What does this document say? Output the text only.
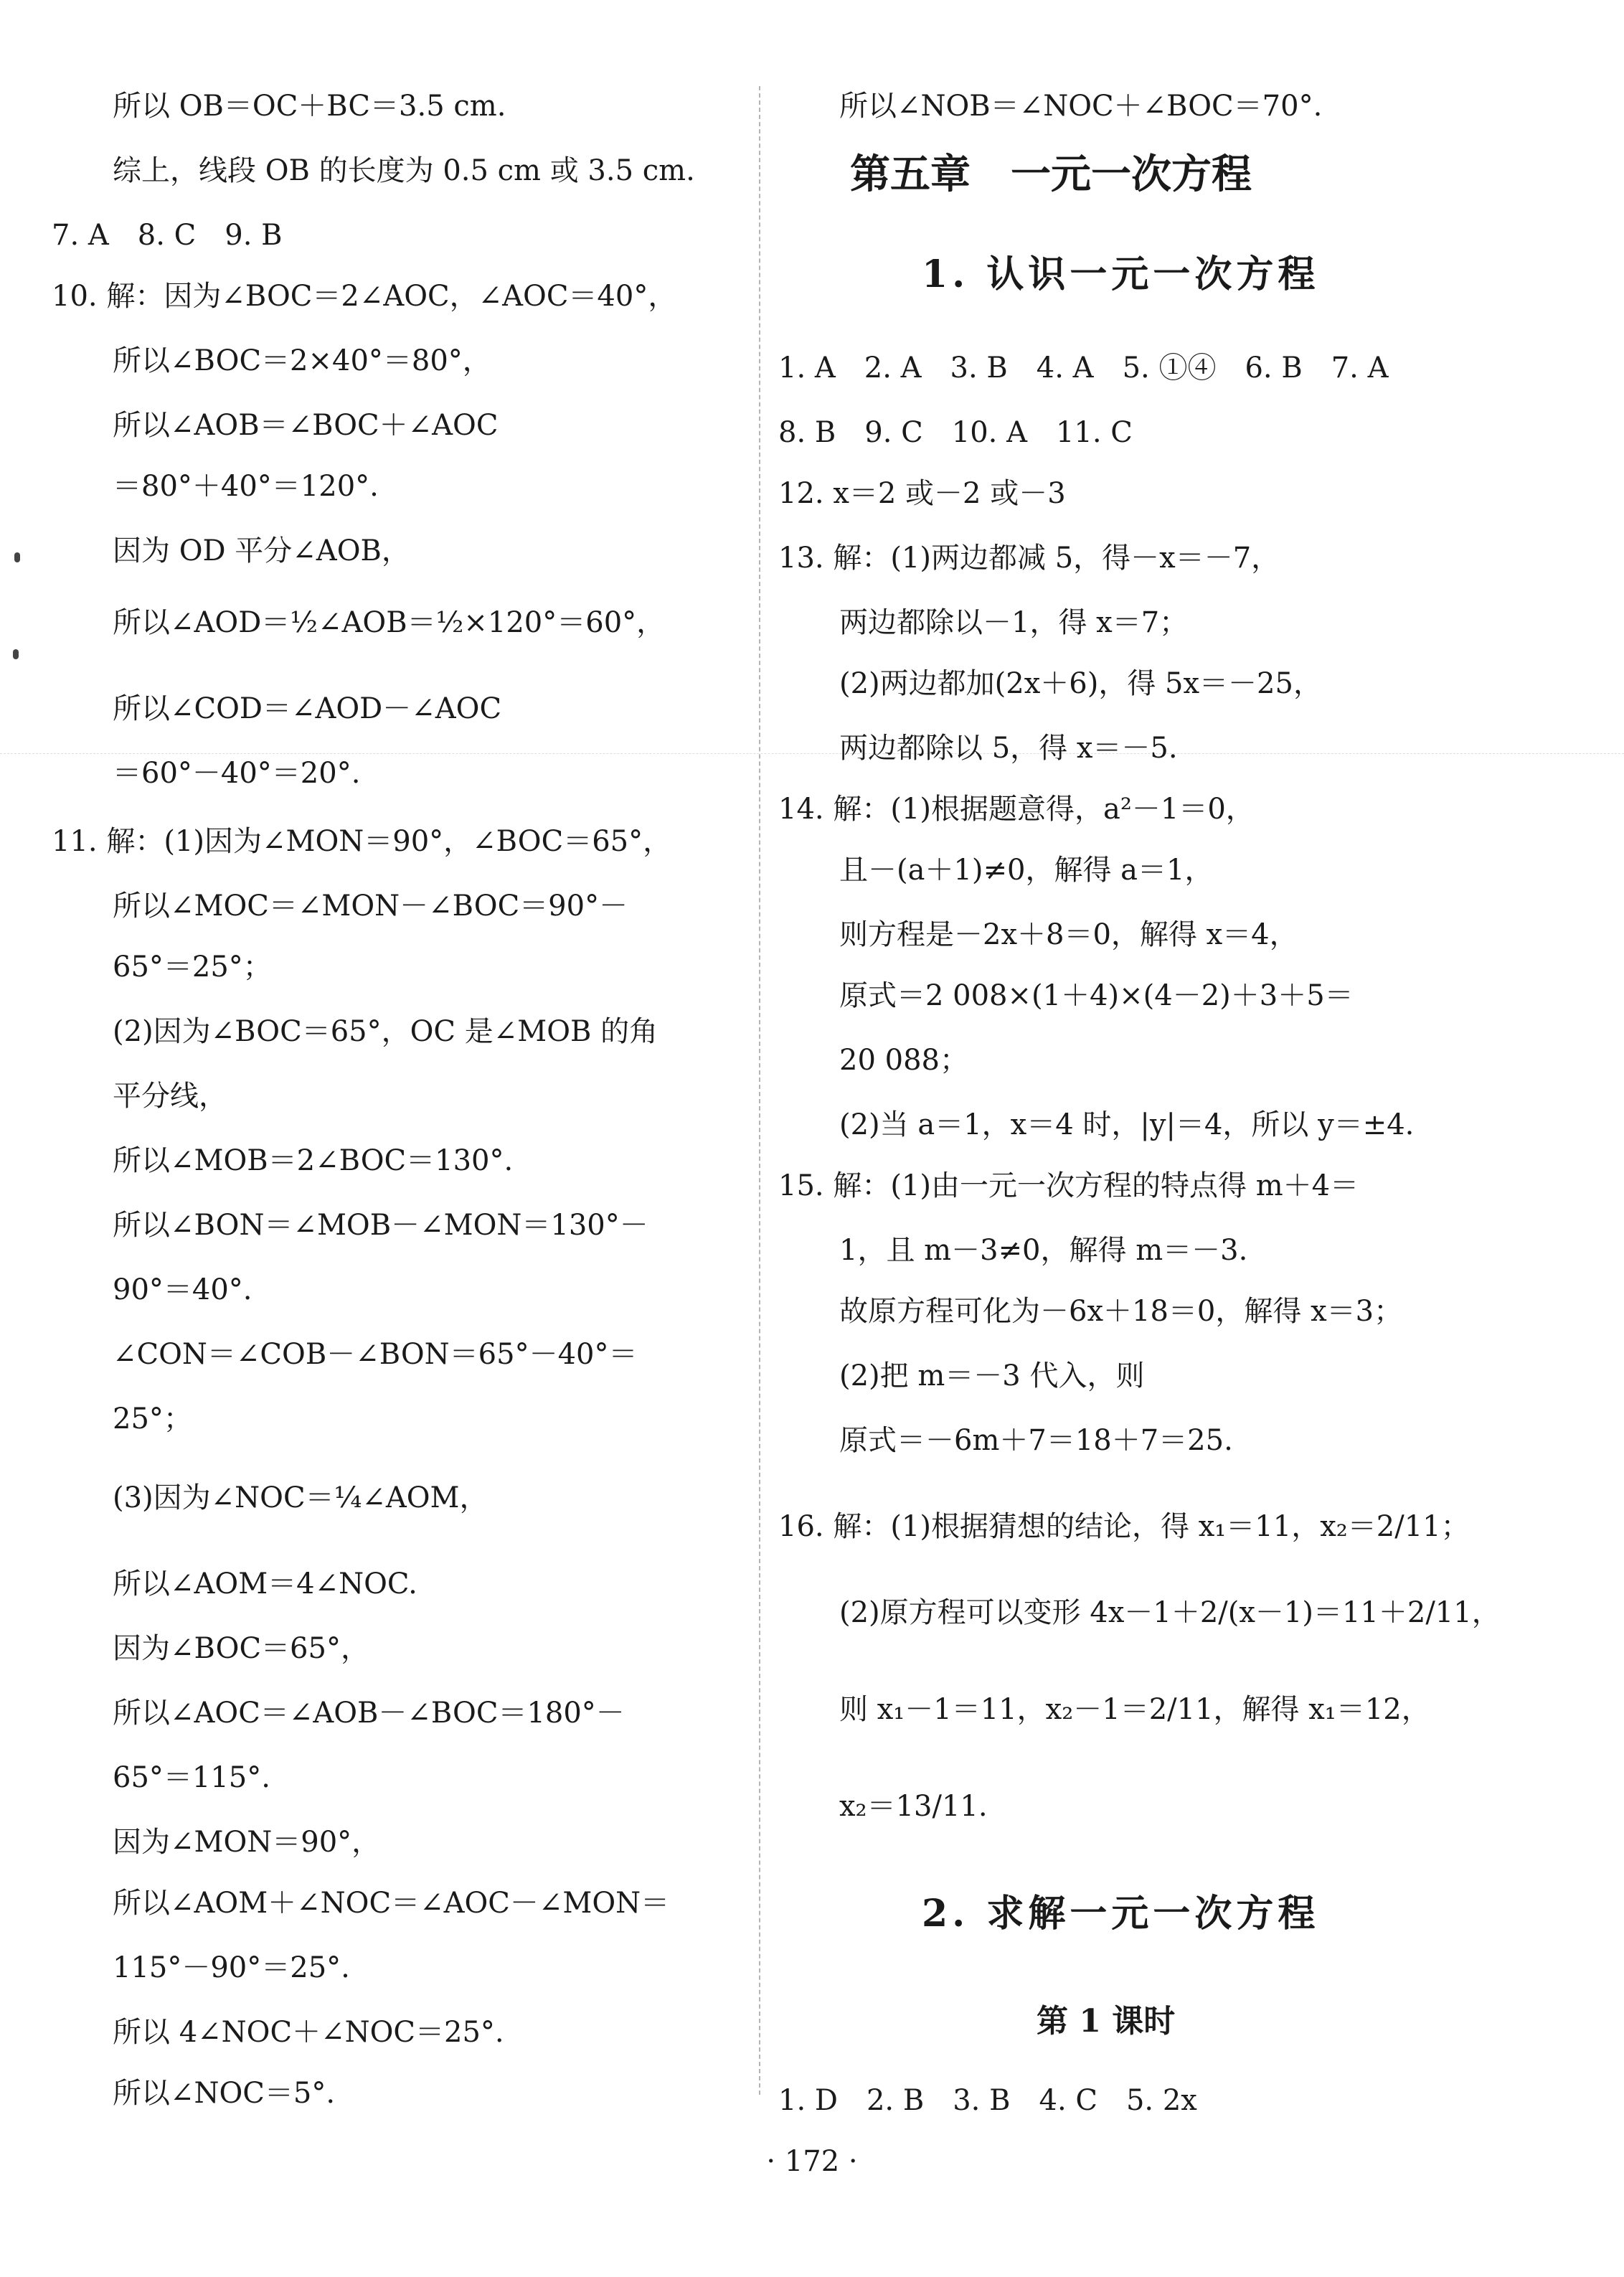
所以 OB＝OC＋BC＝3.5 cm.
综上，线段 OB 的长度为 0.5 cm 或 3.5 cm.
7. A　8. C　9. B
10. 解：因为∠BOC＝2∠AOC，∠AOC＝40°，
所以∠BOC＝2×40°＝80°，
所以∠AOB＝∠BOC＋∠AOC
＝80°＋40°＝120°.
因为 OD 平分∠AOB，
所以∠AOD＝½∠AOB＝½×120°＝60°，
所以∠COD＝∠AOD－∠AOC
＝60°－40°＝20°.
11. 解：(1)因为∠MON＝90°，∠BOC＝65°，
所以∠MOC＝∠MON－∠BOC＝90°－
65°＝25°；
(2)因为∠BOC＝65°，OC 是∠MOB 的角
平分线，
所以∠MOB＝2∠BOC＝130°.
所以∠BON＝∠MOB－∠MON＝130°－
90°＝40°.
∠CON＝∠COB－∠BON＝65°－40°＝
25°；
(3)因为∠NOC＝¼∠AOM，
所以∠AOM＝4∠NOC.
因为∠BOC＝65°，
所以∠AOC＝∠AOB－∠BOC＝180°－
65°＝115°.
因为∠MON＝90°，
所以∠AOM＋∠NOC＝∠AOC－∠MON＝
115°－90°＝25°.
所以 4∠NOC＋∠NOC＝25°.
所以∠NOC＝5°.
所以∠NOB＝∠NOC＋∠BOC＝70°.
第五章　一元一次方程
1. 认识一元一次方程
1. A　2. A　3. B　4. A　5. ①④　6. B　7. A
8. B　9. C　10. A　11. C
12. x＝2 或－2 或－3
13. 解：(1)两边都减 5，得－x＝－7，
两边都除以－1，得 x＝7；
(2)两边都加(2x＋6)，得 5x＝－25，
两边都除以 5，得 x＝－5.
14. 解：(1)根据题意得，a²－1＝0，
且－(a＋1)≠0，解得 a＝1，
则方程是－2x＋8＝0，解得 x＝4，
原式＝2 008×(1＋4)×(4－2)＋3＋5＝
20 088；
(2)当 a＝1，x＝4 时，|y|＝4，所以 y＝±4.
15. 解：(1)由一元一次方程的特点得 m＋4＝
1，且 m－3≠0，解得 m＝－3.
故原方程可化为－6x＋18＝0，解得 x＝3；
(2)把 m＝－3 代入，则
原式＝－6m＋7＝18＋7＝25.
16. 解：(1)根据猜想的结论，得 x₁＝11，x₂＝2/11；
(2)原方程可以变形 4x－1＋2/(x－1)＝11＋2/11，
则 x₁－1＝11，x₂－1＝2/11，解得 x₁＝12，
x₂＝13/11.
2. 求解一元一次方程
第 1 课时
1. D　2. B　3. B　4. C　5. 2x
· 172 ·
